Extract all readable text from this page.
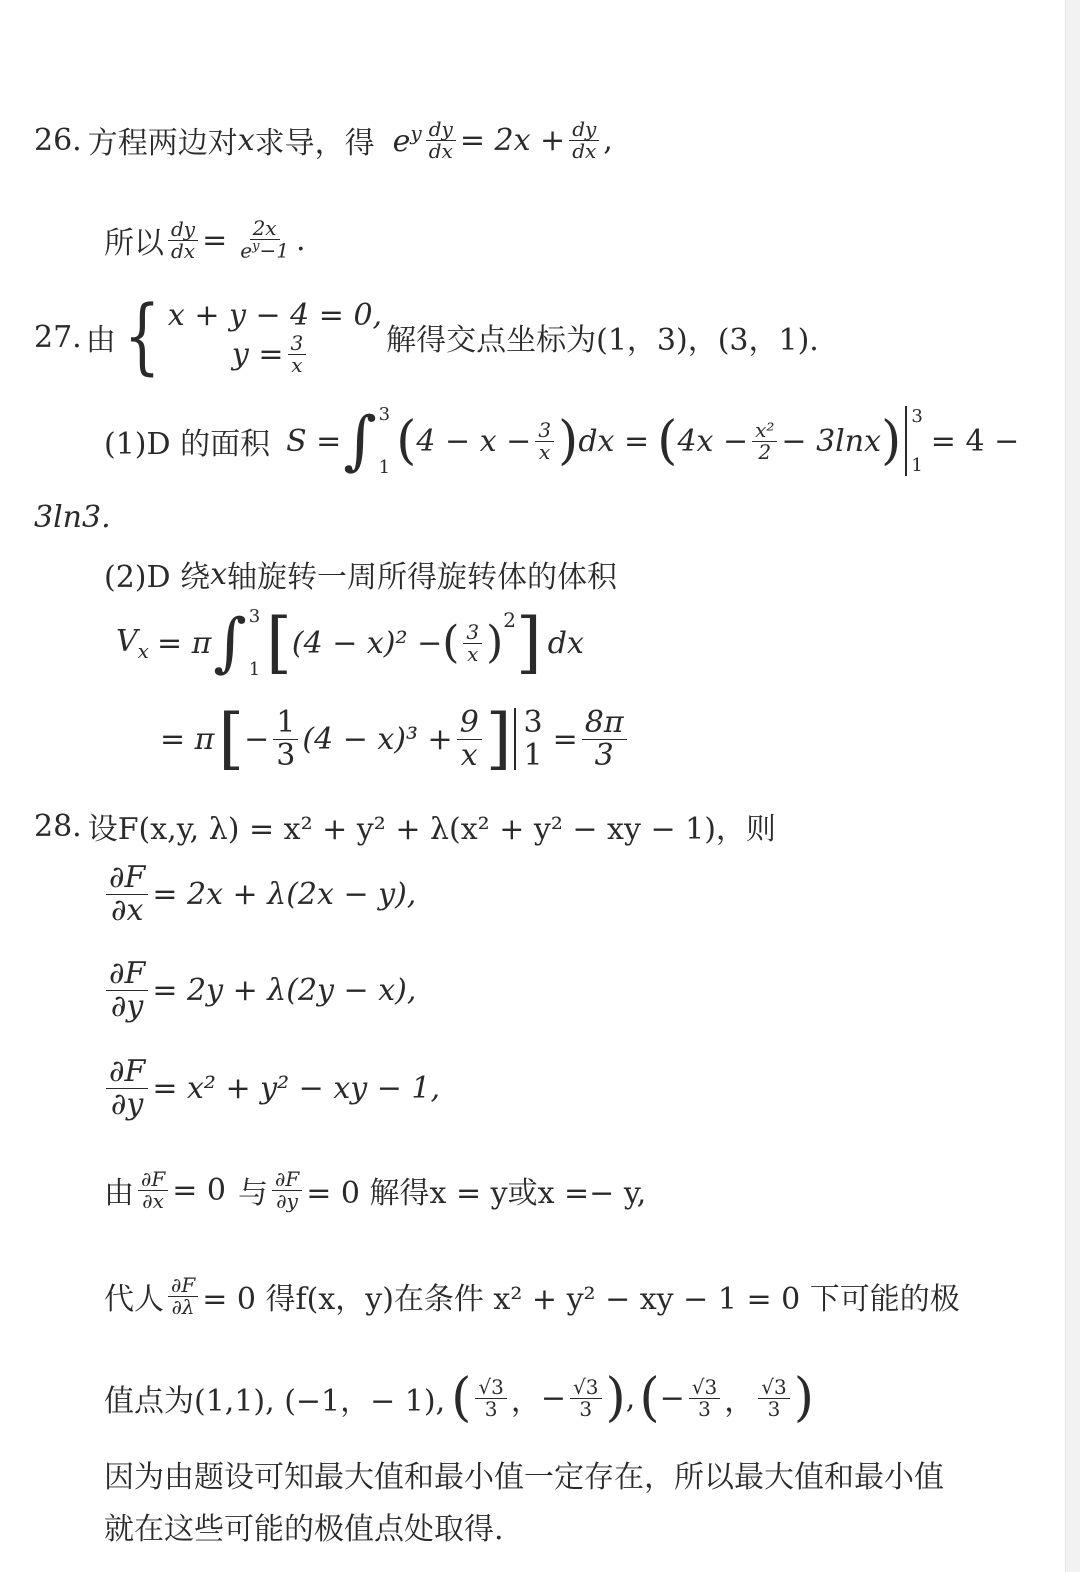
26. 方程两边对 x 求导，得 $e^y \frac{dy}{dx} = 2x + \frac{dy}{dx}$ ,
所以 $\frac{dy}{dx} = \frac{2x}{e^y-1}$ .
27. 由 { x + y − 4 = 0,
$y = \frac{3}{x}$	解得交点坐标为(1，3)，(3，1).
(1)D 的面积 S = ∫ 3
1 ( $4 - x - \frac{3}{x}$ ) dx = ( $4x - \frac{\text{x²}}{2} - 3\ln x$ ) 3
1
= 4 −
3ln3.
(2)D 绕 x 轴旋转一周所得旋转体的体积
$V_x = \pi$ ∫ 3
1 [ (4 − x)² − ( $\frac{3}{x} )^2$ ] dx
= π [ − $\frac{1}{3} (4 - x)^3 + \frac{9}{x}$ ] 3
$1 = \frac{8\pi}{3}$
28. 设F(x,y, λ) = x² + y² + λ(x² + y² − xy − 1)，则
$\frac{\partial F}{\partial x} = 2x + \lambda(2x - y)$,
$\frac{\partial F}{\partial y} = 2y + \lambda(2y - x)$,
$\frac{\partial F}{\partial y} = x^2 + y^2$ − xy − 1,
由 $\frac{\partial F}{\partial x} = 0$ 与 $\frac{\partial F}{\partial y} = 0$ 解得x = y或x =− y,
代人 $\frac{\partial F}{\partial\lambda} = 0$ 得f(x，y)在条件 x² + y² − xy − 1 = 0 下可能的极
值点为(1,1), (−1，− 1), ( $\frac{√3}{3}$ ， − $\frac{√3}{3}$ ) , ( − $\frac{√3}{3}$ ， $\frac{√3}{3}$ )
因为由题设可知最大值和最小值一定存在，所以最大值和最小值
就在这些可能的极值点处取得.
